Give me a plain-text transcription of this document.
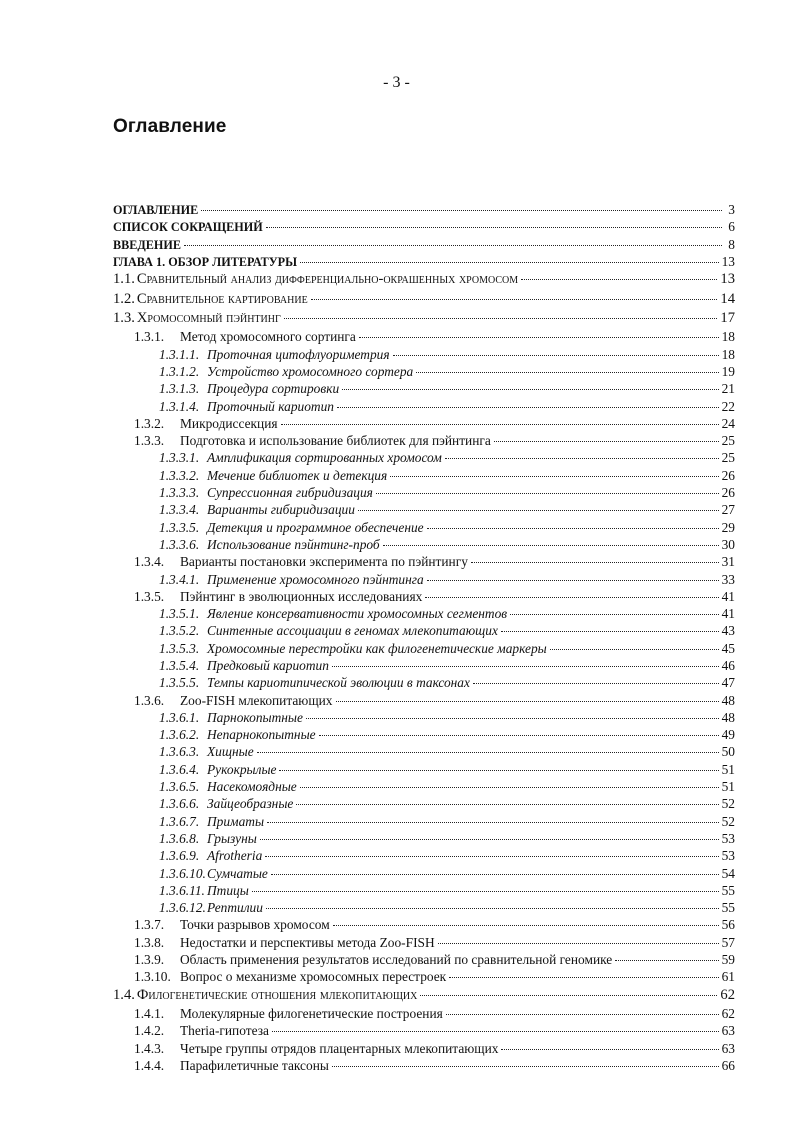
- 3 -
Оглавление
ОГЛАВЛЕНИЕ	3
СПИСОК СОКРАЩЕНИЙ	6
ВВЕДЕНИЕ	8
ГЛАВА 1. ОБЗОР ЛИТЕРАТУРЫ	13
1.1. Сравнительный анализ дифференциально-окрашенных хромосом	13
1.2. Сравнительное картирование	14
1.3. Хромосомный пэйнтинг	17
1.3.1.	Метод хромосомного сортинга	18
1.3.1.1. Проточная цитофлуориметрия	18
1.3.1.2. Устройство хромосомного сортера	19
1.3.1.3. Процедура сортировки	21
1.3.1.4. Проточный кариотип	22
1.3.2.	Микродиссекция	24
1.3.3.	Подготовка и использование библиотек для пэйнтинга	25
1.3.3.1. Амплификация сортированных хромосом	25
1.3.3.2. Мечение библиотек и детекция	26
1.3.3.3. Супрессионная гибридизация	26
1.3.3.4. Варианты гибиридизации	27
1.3.3.5. Детекция и программное обеспечение	29
1.3.3.6. Использование пэйнтинг-проб	30
1.3.4.	Варианты постановки эксперимента по пэйнтингу	31
1.3.4.1. Применение хромосомного пэйнтинга	33
1.3.5.	Пэйнтинг в эволюционных исследованиях	41
1.3.5.1. Явление консервативности хромосомных сегментов	41
1.3.5.2. Синтенные ассоциации в геномах млекопитающих	43
1.3.5.3. Хромосомные перестройки как филогенетические маркеры	45
1.3.5.4. Предковый кариотип	46
1.3.5.5. Темпы кариотипической эволюции в таксонах	47
1.3.6.	Zoo-FISH млекопитающих	48
1.3.6.1. Парнокопытные	48
1.3.6.2. Непарнокопытные	49
1.3.6.3. Хищные	50
1.3.6.4. Рукокрылые	51
1.3.6.5. Насекомоядные	51
1.3.6.6. Зайцеобразные	52
1.3.6.7. Приматы	52
1.3.6.8. Грызуны	53
1.3.6.9. Afrotheria	53
1.3.6.10. Сумчатые	54
1.3.6.11. Птицы	55
1.3.6.12. Рептилии	55
1.3.7.	Точки разрывов хромосом	56
1.3.8.	Недостатки и перспективы метода Zoo-FISH	57
1.3.9.	Область применения результатов исследований по сравнительной геномике	59
1.3.10. Вопрос о механизме хромосомных перестроек	61
1.4. Филогенетические отношения млекопитающих	62
1.4.1.	Молекулярные филогенетические построения	62
1.4.2.	Theria-гипотеза	63
1.4.3.	Четыре группы отрядов плацентарных млекопитающих	63
1.4.4.	Парафилетичные таксоны	66
